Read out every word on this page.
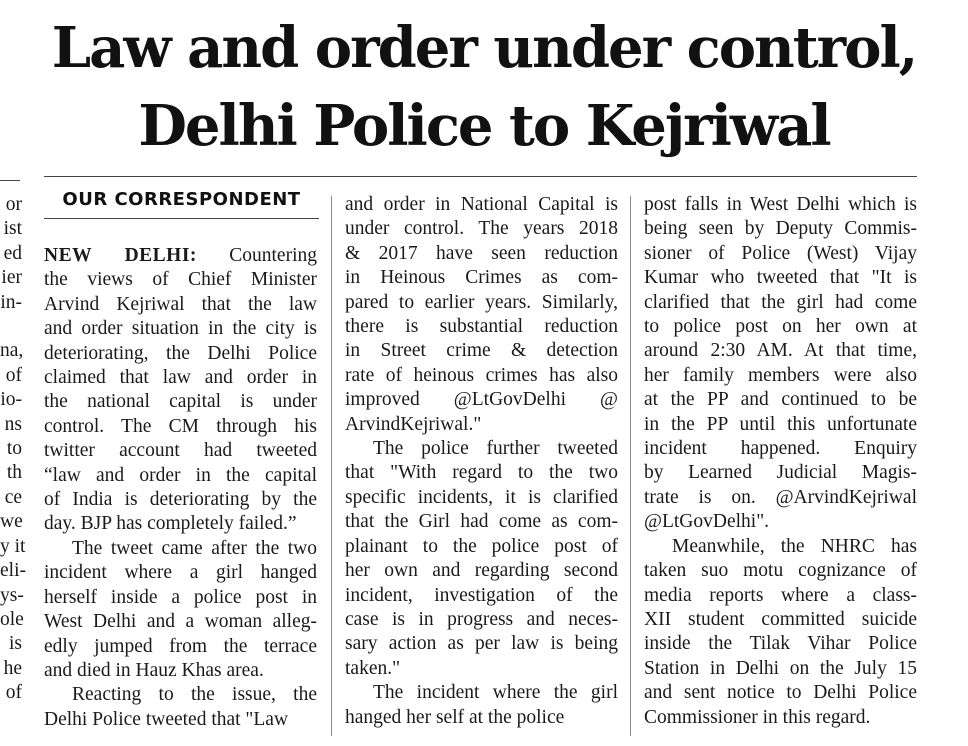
Law and order under control,
Delhi Police to Kejriwal
or
ist
ed
ier
in-

na,
of
io-
ns
to
th
ce
we
y it
eli-
ys-
ole
is
he
of
OUR CORRESPONDENT
NEW DELHI: Countering
the views of Chief Minister
Arvind Kejriwal that the law
and order situation in the city is
deteriorating, the Delhi Police
claimed that law and order in
the national capital is under
control. The CM through his
twitter account had tweeted
“law and order in the capital
of India is deteriorating by the
day. BJP has completely failed.”
The tweet came after the two
incident where a girl hanged
herself inside a police post in
West Delhi and a woman alleg-
edly jumped from the terrace
and died in Hauz Khas area.
Reacting to the issue, the
Delhi Police tweeted that "Law
and order in National Capital is
under control. The years 2018
& 2017 have seen reduction
in Heinous Crimes as com-
pared to earlier years. Similarly,
there is substantial reduction
in Street crime & detection
rate of heinous crimes has also
improved @LtGovDelhi @
ArvindKejriwal."
The police further tweeted
that "With regard to the two
specific incidents, it is clarified
that the Girl had come as com-
plainant to the police post of
her own and regarding second
incident, investigation of the
case is in progress and neces-
sary action as per law is being
taken."
The incident where the girl
hanged her self at the police
post falls in West Delhi which is
being seen by Deputy Commis-
sioner of Police (West) Vijay
Kumar who tweeted that "It is
clarified that the girl had come
to police post on her own at
around 2:30 AM. At that time,
her family members were also
at the PP and continued to be
in the PP until this unfortunate
incident happened. Enquiry
by Learned Judicial Magis-
trate is on. @ArvindKejriwal
@LtGovDelhi".
Meanwhile, the NHRC has
taken suo motu cognizance of
media reports where a class-
XII student committed suicide
inside the Tilak Vihar Police
Station in Delhi on the July 15
and sent notice to Delhi Police
Commissioner in this regard.
